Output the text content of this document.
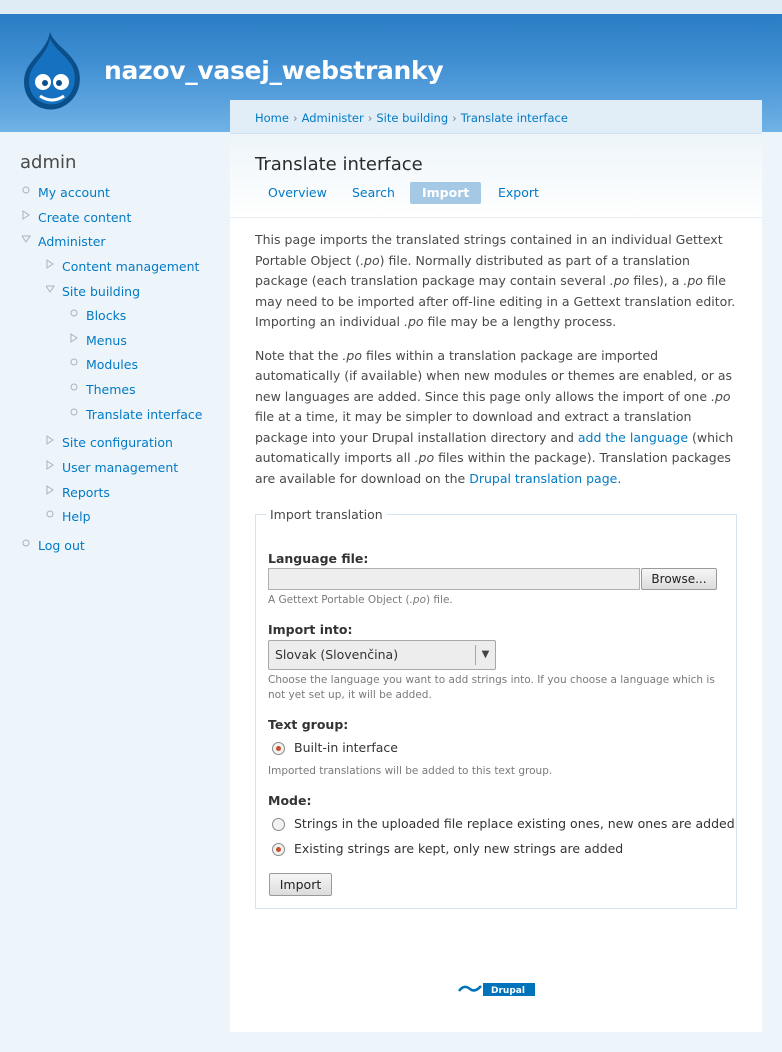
nazov_vasej_webstranky
admin
My account
Create content
Administer
Content management
Site building
Blocks
Menus
Modules
Themes
Translate interface
Site configuration
User management
Reports
Help
Log out
Home › Administer › Site building › Translate interface
Translate interface
Overview	Search	Import	Export

This page imports the translated strings contained in an individual Gettext Portable Object (.po) file. Normally distributed as part of a translation package (each translation package may contain several .po files), a .po file may need to be imported after off-line editing in a Gettext translation editor. Importing an individual .po file may be a lengthy process.

Note that the .po files within a translation package are imported automatically (if available) when new modules or themes are enabled, or as new languages are added. Since this page only allows the import of one .po file at a time, it may be simpler to download and extract a translation package into your Drupal installation directory and add the language (which automatically imports all .po files within the package). Translation packages are available for download on the Drupal translation page.

Import translation
Language file:
Browse...
A Gettext Portable Object (.po) file.
Import into:
Slovak (Slovenčina)	▼
Choose the language you want to add strings into. If you choose a language which is not yet set up, it will be added.
Text group:
Built-in interface
Imported translations will be added to this text group.
Mode:
Strings in the uploaded file replace existing ones, new ones are added
Existing strings are kept, only new strings are added
Import
Drupal
